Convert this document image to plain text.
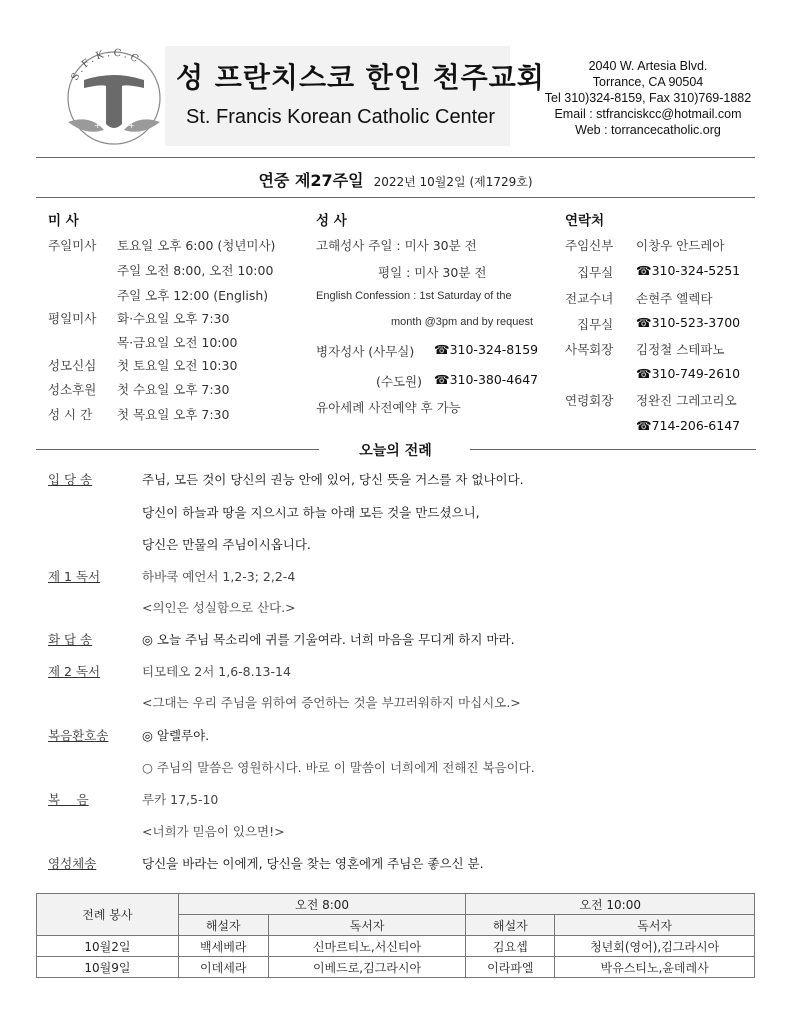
S.F.K.C.C
+	+
성 프란치스코 한인 천주교회
St. Francis Korean Catholic Center
2040 W. Artesia Blvd.
Torrance, CA 90504
Tel 310)324-8159, Fax 310)769-1882
Email : stfranciskcc@hotmail.com
Web : torrancecatholic.org
연중 제27주일 2022년 10월2일 (제1729호)
미 사
주일미사 토요일 오후 6:00 (청년미사)
주일 오전 8:00, 오전 10:00
주일 오후 12:00 (English)
평일미사 화·수요일 오후 7:30
목·금요일 오전 10:00
성모신심 첫 토요일 오전 10:30
성소후원 첫 수요일 오후 7:30
성 시 간 첫 목요일 오후 7:30
성 사
고해성사 주일 : 미사 30분 전
평일 : 미사 30분 전
English Confession : 1st Saturday of the
month @3pm and by request
병자성사 (사무실) ☎310-324-8159
(수도원) ☎310-380-4647
유아세례 사전예약 후 가능
연락처
주임신부 이창우 안드레아
집무실 ☎310-324-5251
전교수녀 손현주 엘렉타
집무실 ☎310-523-3700
사목회장 김정철 스테파노
☎310-749-2610
연령회장 정완진 그레고리오
☎714-206-6147
오늘의 전례
입 당 송	주님, 모든 것이 당신의 권능 안에 있어, 당신 뜻을 거스를 자 없나이다.
당신이 하늘과 땅을 지으시고 하늘 아래 모든 것을 만드셨으니,
당신은 만물의 주님이시옵니다.
제 1 독서	하바쿡 예언서 1,2-3; 2,2-4
<의인은 성실함으로 산다.>
화 답 송	◎ 오늘 주님 목소리에 귀를 기울여라. 너희 마음을 무디게 하지 마라.
제 2 독서	티모테오 2서 1,6-8.13-14
<그대는 우리 주님을 위하여 증언하는 것을 부끄러워하지 마십시오.>
복음환호송	◎ 알렐루야.
○ 주님의 말씀은 영원하시다. 바로 이 말씀이 너희에게 전해진 복음이다.
복　 음	루카 17,5-10
<너희가 믿음이 있으면!>
영성체송	당신을 바라는 이에게, 당신을 찾는 영혼에게 주님은 좋으신 분.
전례 봉사	오전 8:00		오전 10:00	
	해설자	독서자	해설자	독서자
10월2일	백세베라	신마르티노,서신티아	김요셉	청년회(영어),김그라시아
10월9일	이데세라	이베드로,김그라시아	이라파엘	박유스티노,윤데레사
